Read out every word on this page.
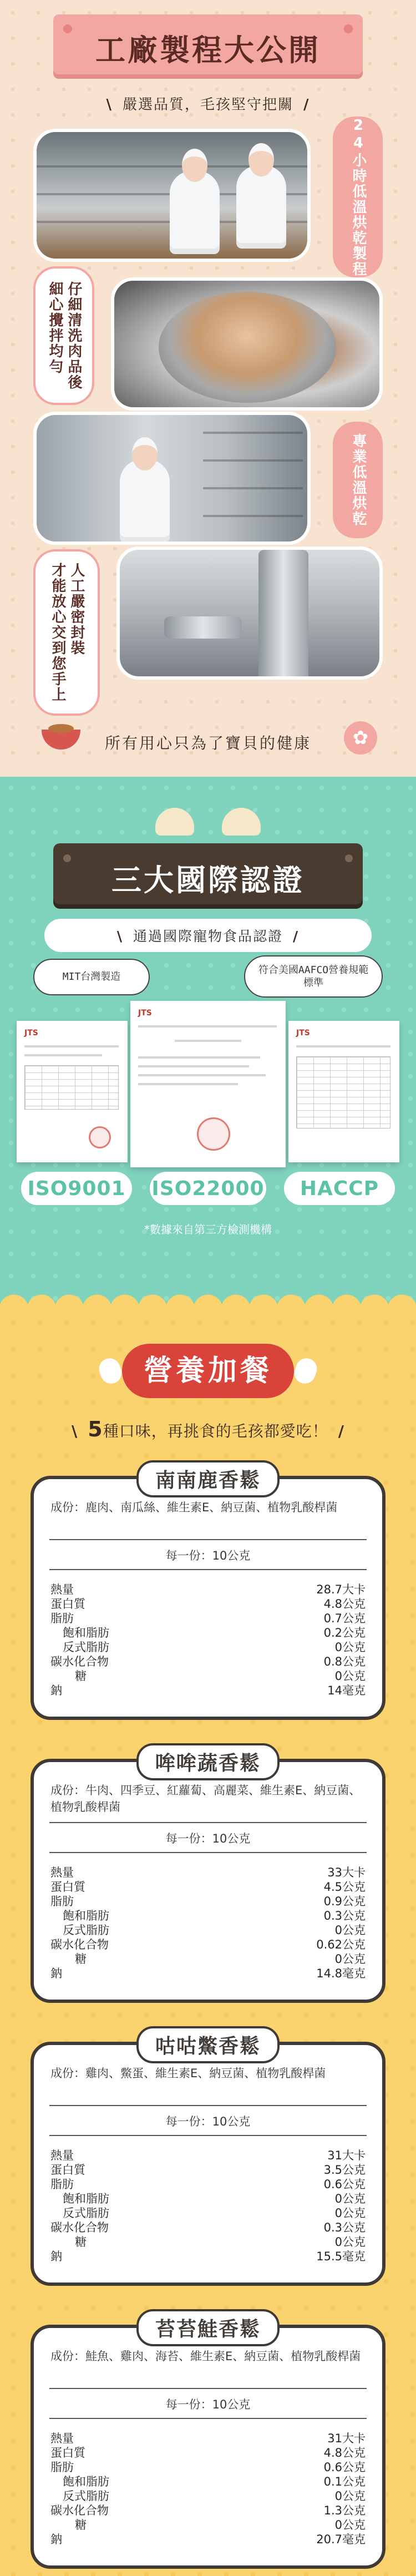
工廠製程大公開
\ 嚴選品質，毛孩堅守把關 /
24小時低溫烘乾製程
仔細清洗肉品後
細心攪拌均勻
專業低溫烘乾
人工嚴密封裝
才能放心交到您手上
所有用心只為了寶貝的健康	✿
三大國際認證
\ 通過國際寵物食品認證 /
MIT台灣製造
符合美國AAFCO營養規範標準
JTS
JTS
JTS
ISO9001	ISO22000	HACCP
*數據來自第三方檢測機構
營養加餐
\ 5種口味，再挑食的毛孩都愛吃！ /
南南鹿香鬆
成份：鹿肉、南瓜絲、維生素E、納豆菌、植物乳酸桿菌
每一份：10公克
熱量	28.7大卡
蛋白質	4.8公克
脂肪	0.7公克
飽和脂肪	0.2公克
反式脂肪	0公克
碳水化合物	0.8公克
糖	0公克
鈉	14毫克
哞哞蔬香鬆
成份：牛肉、四季豆、紅蘿蔔、高麗菜、維生素E、納豆菌、植物乳酸桿菌
每一份：10公克
熱量	33大卡
蛋白質	4.5公克
脂肪	0.9公克
飽和脂肪	0.3公克
反式脂肪	0公克
碳水化合物	0.62公克
糖	0公克
鈉	14.8毫克
咕咕鱉香鬆
成份：雞肉、鱉蛋、維生素E、納豆菌、植物乳酸桿菌
每一份：10公克
熱量	31大卡
蛋白質	3.5公克
脂肪	0.6公克
飽和脂肪	0公克
反式脂肪	0公克
碳水化合物	0.3公克
糖	0公克
鈉	15.5毫克
苔苔鮭香鬆
成份：鮭魚、雞肉、海苔、維生素E、納豆菌、植物乳酸桿菌
每一份：10公克
熱量	31大卡
蛋白質	4.8公克
脂肪	0.6公克
飽和脂肪	0.1公克
反式脂肪	0公克
碳水化合物	1.3公克
糖	0公克
鈉	20.7毫克
